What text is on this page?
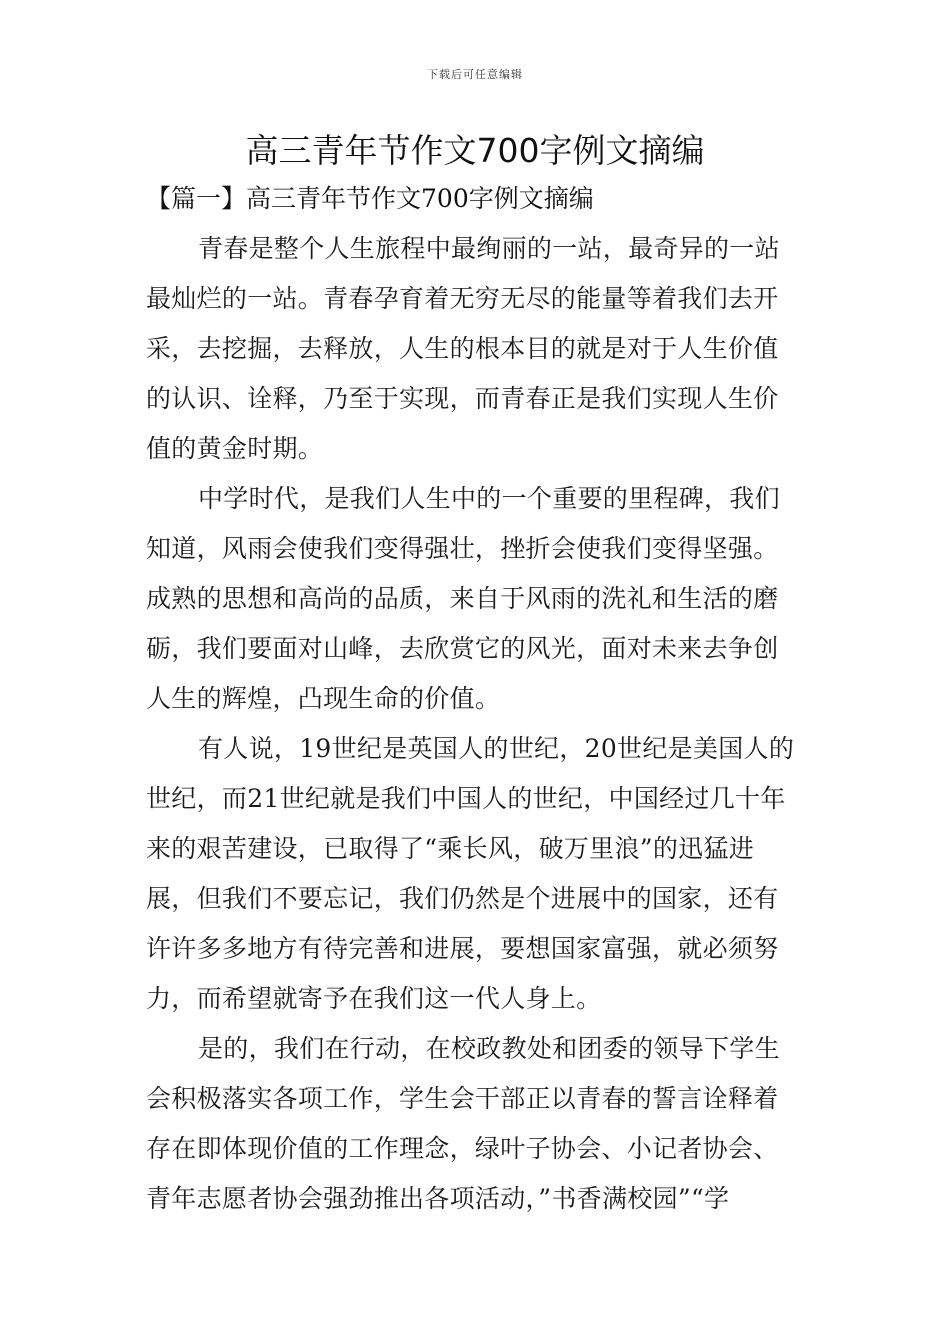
下载后可任意编辑
高三青年节作文700字例文摘编
【篇一】高三青年节作文700字例文摘编

青春是整个人生旅程中最绚丽的一站，最奇异的一站
最灿烂的一站。青春孕育着无穷无尽的能量等着我们去开
采，去挖掘，去释放，人生的根本目的就是对于人生价值
的认识、诠释，乃至于实现，而青春正是我们实现人生价
值的黄金时期。

中学时代，是我们人生中的一个重要的里程碑，我们
知道，风雨会使我们变得强壮，挫折会使我们变得坚强。
成熟的思想和高尚的品质，来自于风雨的洗礼和生活的磨
砺，我们要面对山峰，去欣赏它的风光，面对未来去争创
人生的辉煌，凸现生命的价值。

有人说，19世纪是英国人的世纪，20世纪是美国人的
世纪，而21世纪就是我们中国人的世纪，中国经过几十年
来的艰苦建设，已取得了“乘长风，破万里浪”的迅猛进
展，但我们不要忘记，我们仍然是个进展中的国家，还有
许许多多地方有待完善和进展，要想国家富强，就必须努
力，而希望就寄予在我们这一代人身上。

是的，我们在行动，在校政教处和团委的领导下学生
会积极落实各项工作，学生会干部正以青春的誓言诠释着
存在即体现价值的工作理念，绿叶子协会、小记者协会、
青年志愿者协会强劲推出各项活动，”书香满校园”“学
